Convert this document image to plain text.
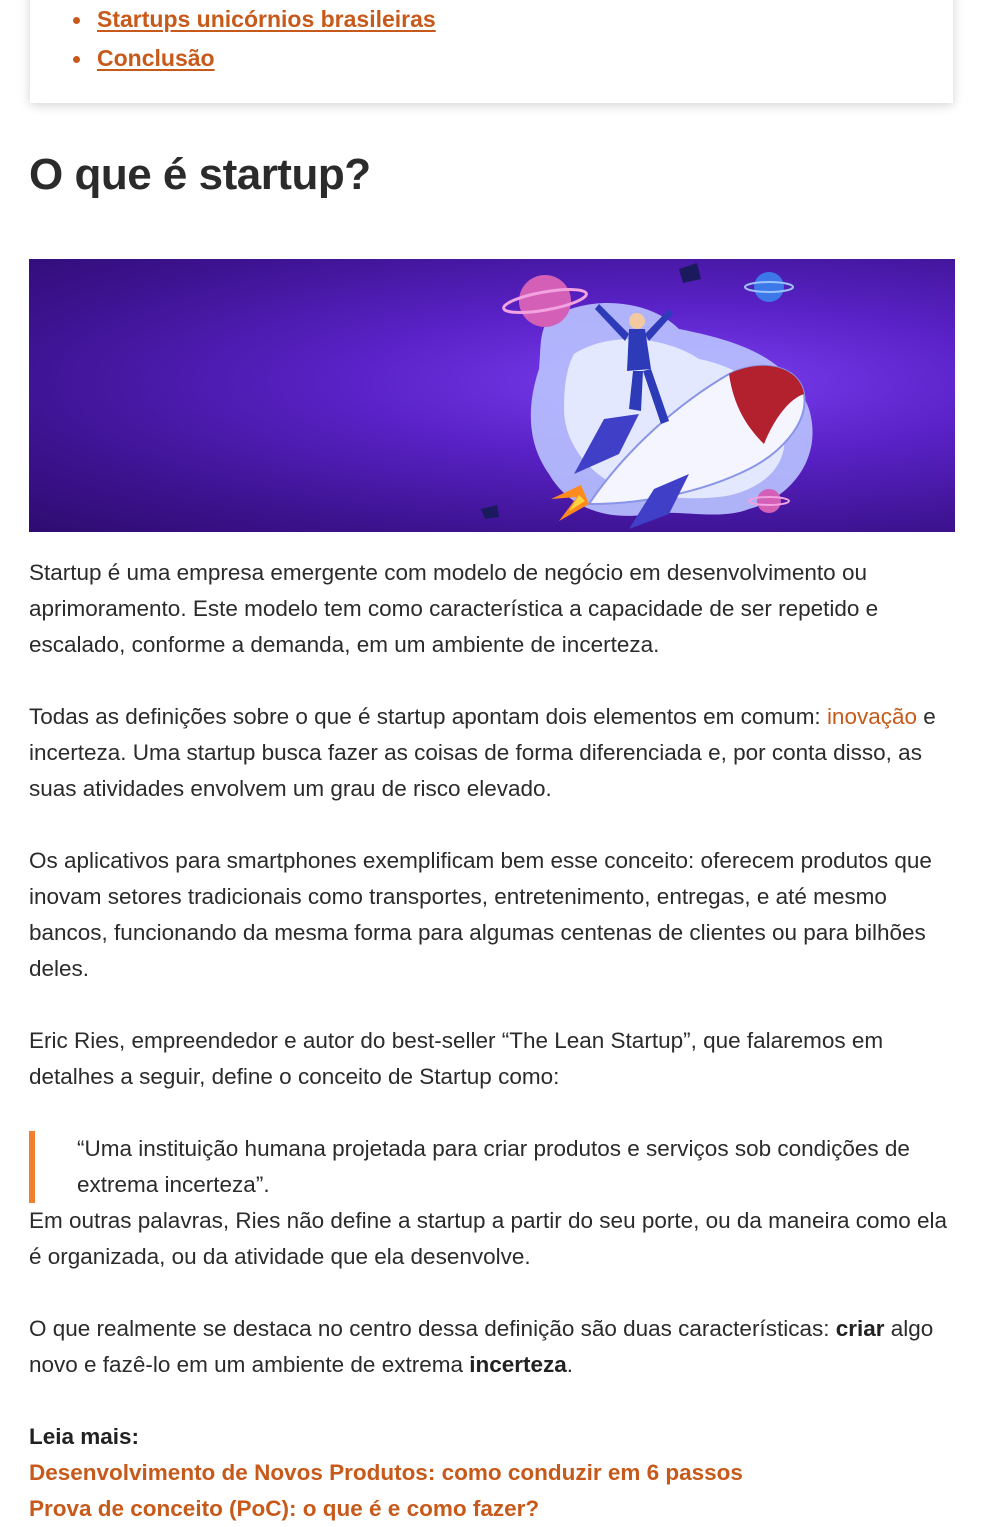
Startups unicórnios brasileiras
Conclusão
O que é startup?

Startup é uma empresa emergente com modelo de negócio em desenvolvimento ou aprimoramento. Este modelo tem como característica a capacidade de ser repetido e escalado, conforme a demanda, em um ambiente de incerteza.

Todas as definições sobre o que é startup apontam dois elementos em comum: inovação e incerteza. Uma startup busca fazer as coisas de forma diferenciada e, por conta disso, as suas atividades envolvem um grau de risco elevado.

Os aplicativos para smartphones exemplificam bem esse conceito: oferecem produtos que inovam setores tradicionais como transportes, entretenimento, entregas, e até mesmo bancos, funcionando da mesma forma para algumas centenas de clientes ou para bilhões deles.

Eric Ries, empreendedor e autor do best-seller “The Lean Startup”, que falaremos em detalhes a seguir, define o conceito de Startup como:

“Uma instituição humana projetada para criar produtos e serviços sob condições de extrema incerteza”.

Em outras palavras, Ries não define a startup a partir do seu porte, ou da maneira como ela é organizada, ou da atividade que ela desenvolve.

O que realmente se destaca no centro dessa definição são duas características: criar algo novo e fazê-lo em um ambiente de extrema incerteza.

Leia mais:
Desenvolvimento de Novos Produtos: como conduzir em 6 passos
Prova de conceito (PoC): o que é e como fazer?
